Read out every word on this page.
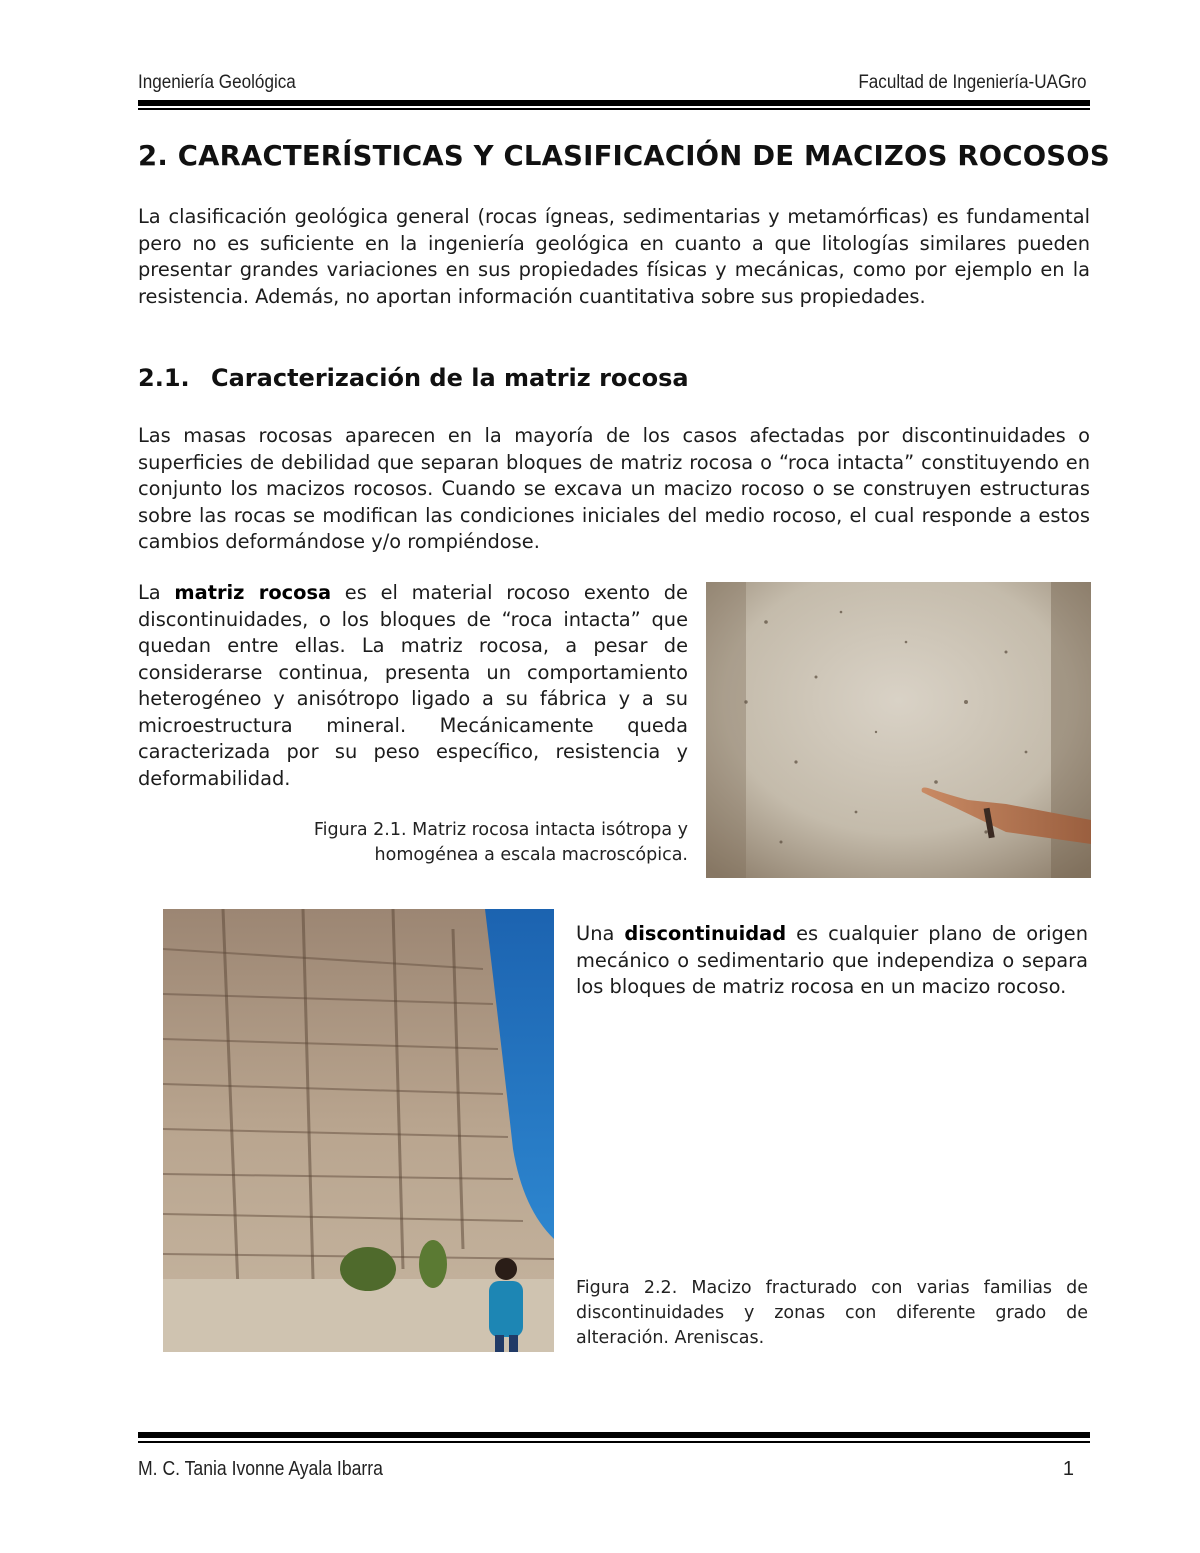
Ingeniería Geológica	Facultad de Ingeniería-UAGro
2. CARACTERÍSTICAS Y CLASIFICACIÓN DE MACIZOS ROCOSOS

La clasificación geológica general (rocas ígneas, sedimentarias y metamórficas) es fundamental pero no es suficiente en la ingeniería geológica en cuanto a que litologías similares pueden presentar grandes variaciones en sus propiedades físicas y mecánicas, como por ejemplo en la resistencia. Además, no aportan información cuantitativa sobre sus propiedades.

2.1. Caracterización de la matriz rocosa

Las masas rocosas aparecen en la mayoría de los casos afectadas por discontinuidades o superficies de debilidad que separan bloques de matriz rocosa o “roca intacta” constituyendo en conjunto los macizos rocosos. Cuando se excava un macizo rocoso o se construyen estructuras sobre las rocas se modifican las condiciones iniciales del medio rocoso, el cual responde a estos cambios deformándose y/o rompiéndose.

La matriz rocosa es el material rocoso exento de discontinuidades, o los bloques de “roca intacta” que quedan entre ellas. La matriz rocosa, a pesar de considerarse continua, presenta un comportamiento heterogéneo y anisótropo ligado a su fábrica y a su microestructura mineral. Mecánicamente queda caracterizada por su peso específico, resistencia y deformabilidad.

Figura 2.1. Matriz rocosa intacta isótropa y homogénea a escala macroscópica.

Una discontinuidad es cualquier plano de origen mecánico o sedimentario que independiza o separa los bloques de matriz rocosa en un macizo rocoso.

Figura 2.2. Macizo fracturado con varias familias de discontinuidades y zonas con diferente grado de alteración. Areniscas.

M. C. Tania Ivonne Ayala Ibarra	1
